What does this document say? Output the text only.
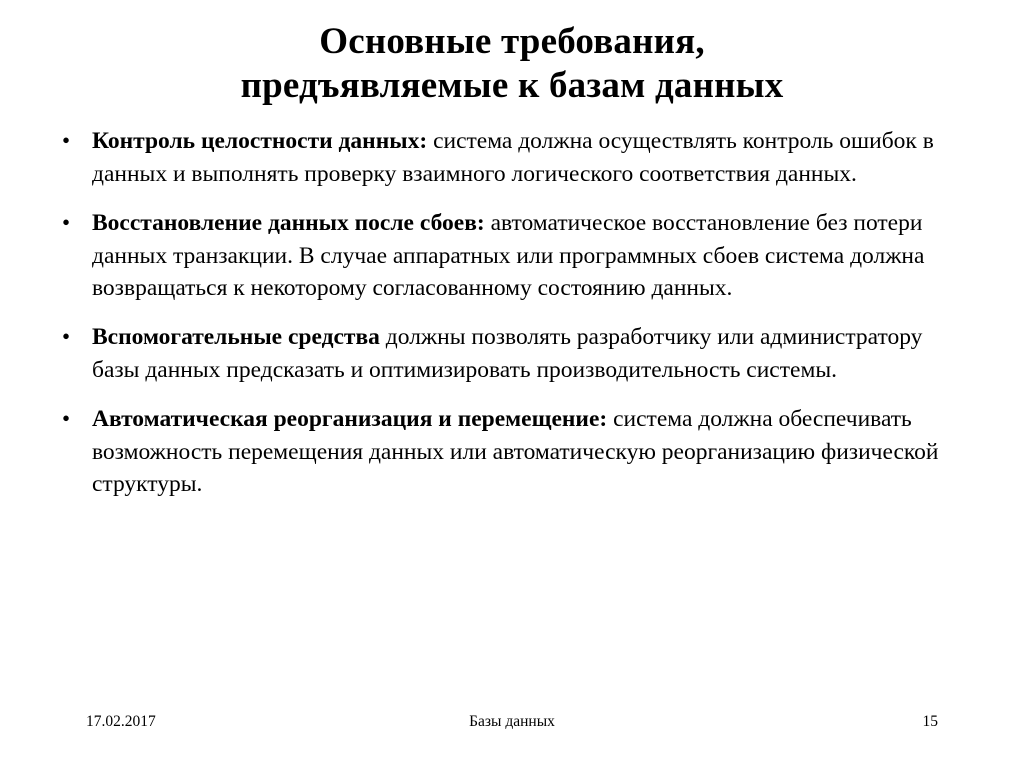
Основные требования,
предъявляемые к базам данных
• Контроль целостности данных: система должна осуществлять контроль ошибок в данных и выполнять проверку взаимного логического соответствия данных.
• Восстановление данных после сбоев: автоматическое восстановление без потери данных транзакции. В случае аппаратных или программных сбоев система должна возвращаться к некоторому согласованному состоянию данных.
• Вспомогательные средства должны позволять разработчику или администратору базы данных предсказать и оптимизировать производительность системы.
• Автоматическая реорганизация и перемещение: система должна обеспечивать возможность перемещения данных или автоматическую реорганизацию физической структуры.
17.02.2017	Базы данных	15
